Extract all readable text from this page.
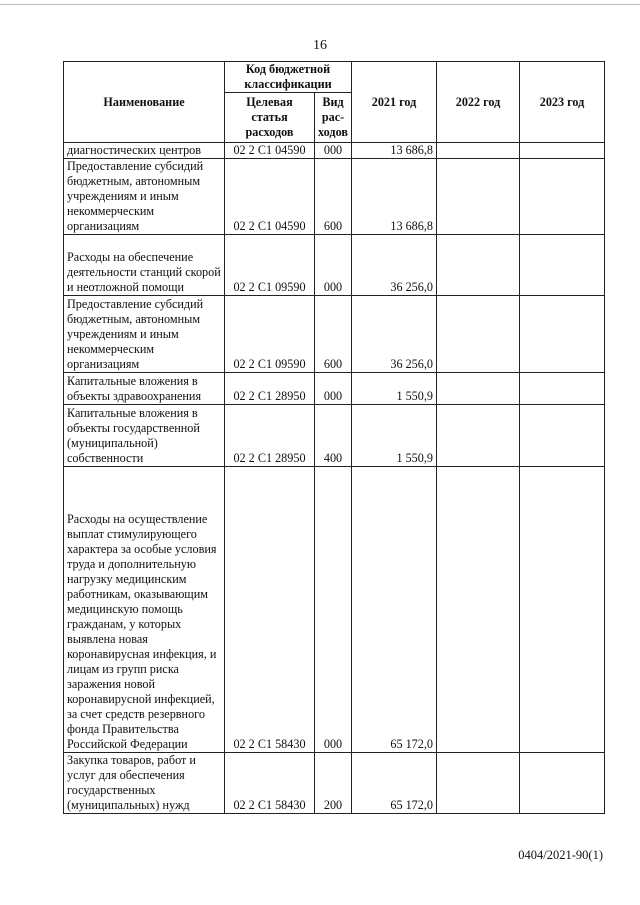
16
Наименование	Код бюджетной классификации		2021 год	2022 год	2023 год
	Целевая статья расходов	Вид рас-ходов			
диагностических центров	02 2 С1 04590	000	13 686,8		
Предоставление субсидий бюджетным, автономным учреждениям и иным некоммерческим организациям	02 2 С1 04590	600	13 686,8		
Расходы на обеспечение деятельности станций скорой и неотложной помощи	02 2 С1 09590	000	36 256,0		
Предоставление субсидий бюджетным, автономным учреждениям и иным некоммерческим организациям	02 2 С1 09590	600	36 256,0		
Капитальные вложения в объекты здравоохранения	02 2 С1 28950	000	1 550,9		
Капитальные вложения в объекты государственной (муниципальной) собственности	02 2 С1 28950	400	1 550,9		
Расходы на осуществление выплат стимулирующего характера за особые условия труда и дополнительную нагрузку медицинским работникам, оказывающим медицинскую помощь гражданам, у которых выявлена новая коронавирусная инфекция, и лицам из групп риска заражения новой коронавирусной инфекцией, за счет средств резервного фонда Правительства Российской Федерации	02 2 С1 58430	000	65 172,0		
Закупка товаров, работ и услуг для обеспечения государственных (муниципальных) нужд	02 2 С1 58430	200	65 172,0		
0404/2021-90(1)
